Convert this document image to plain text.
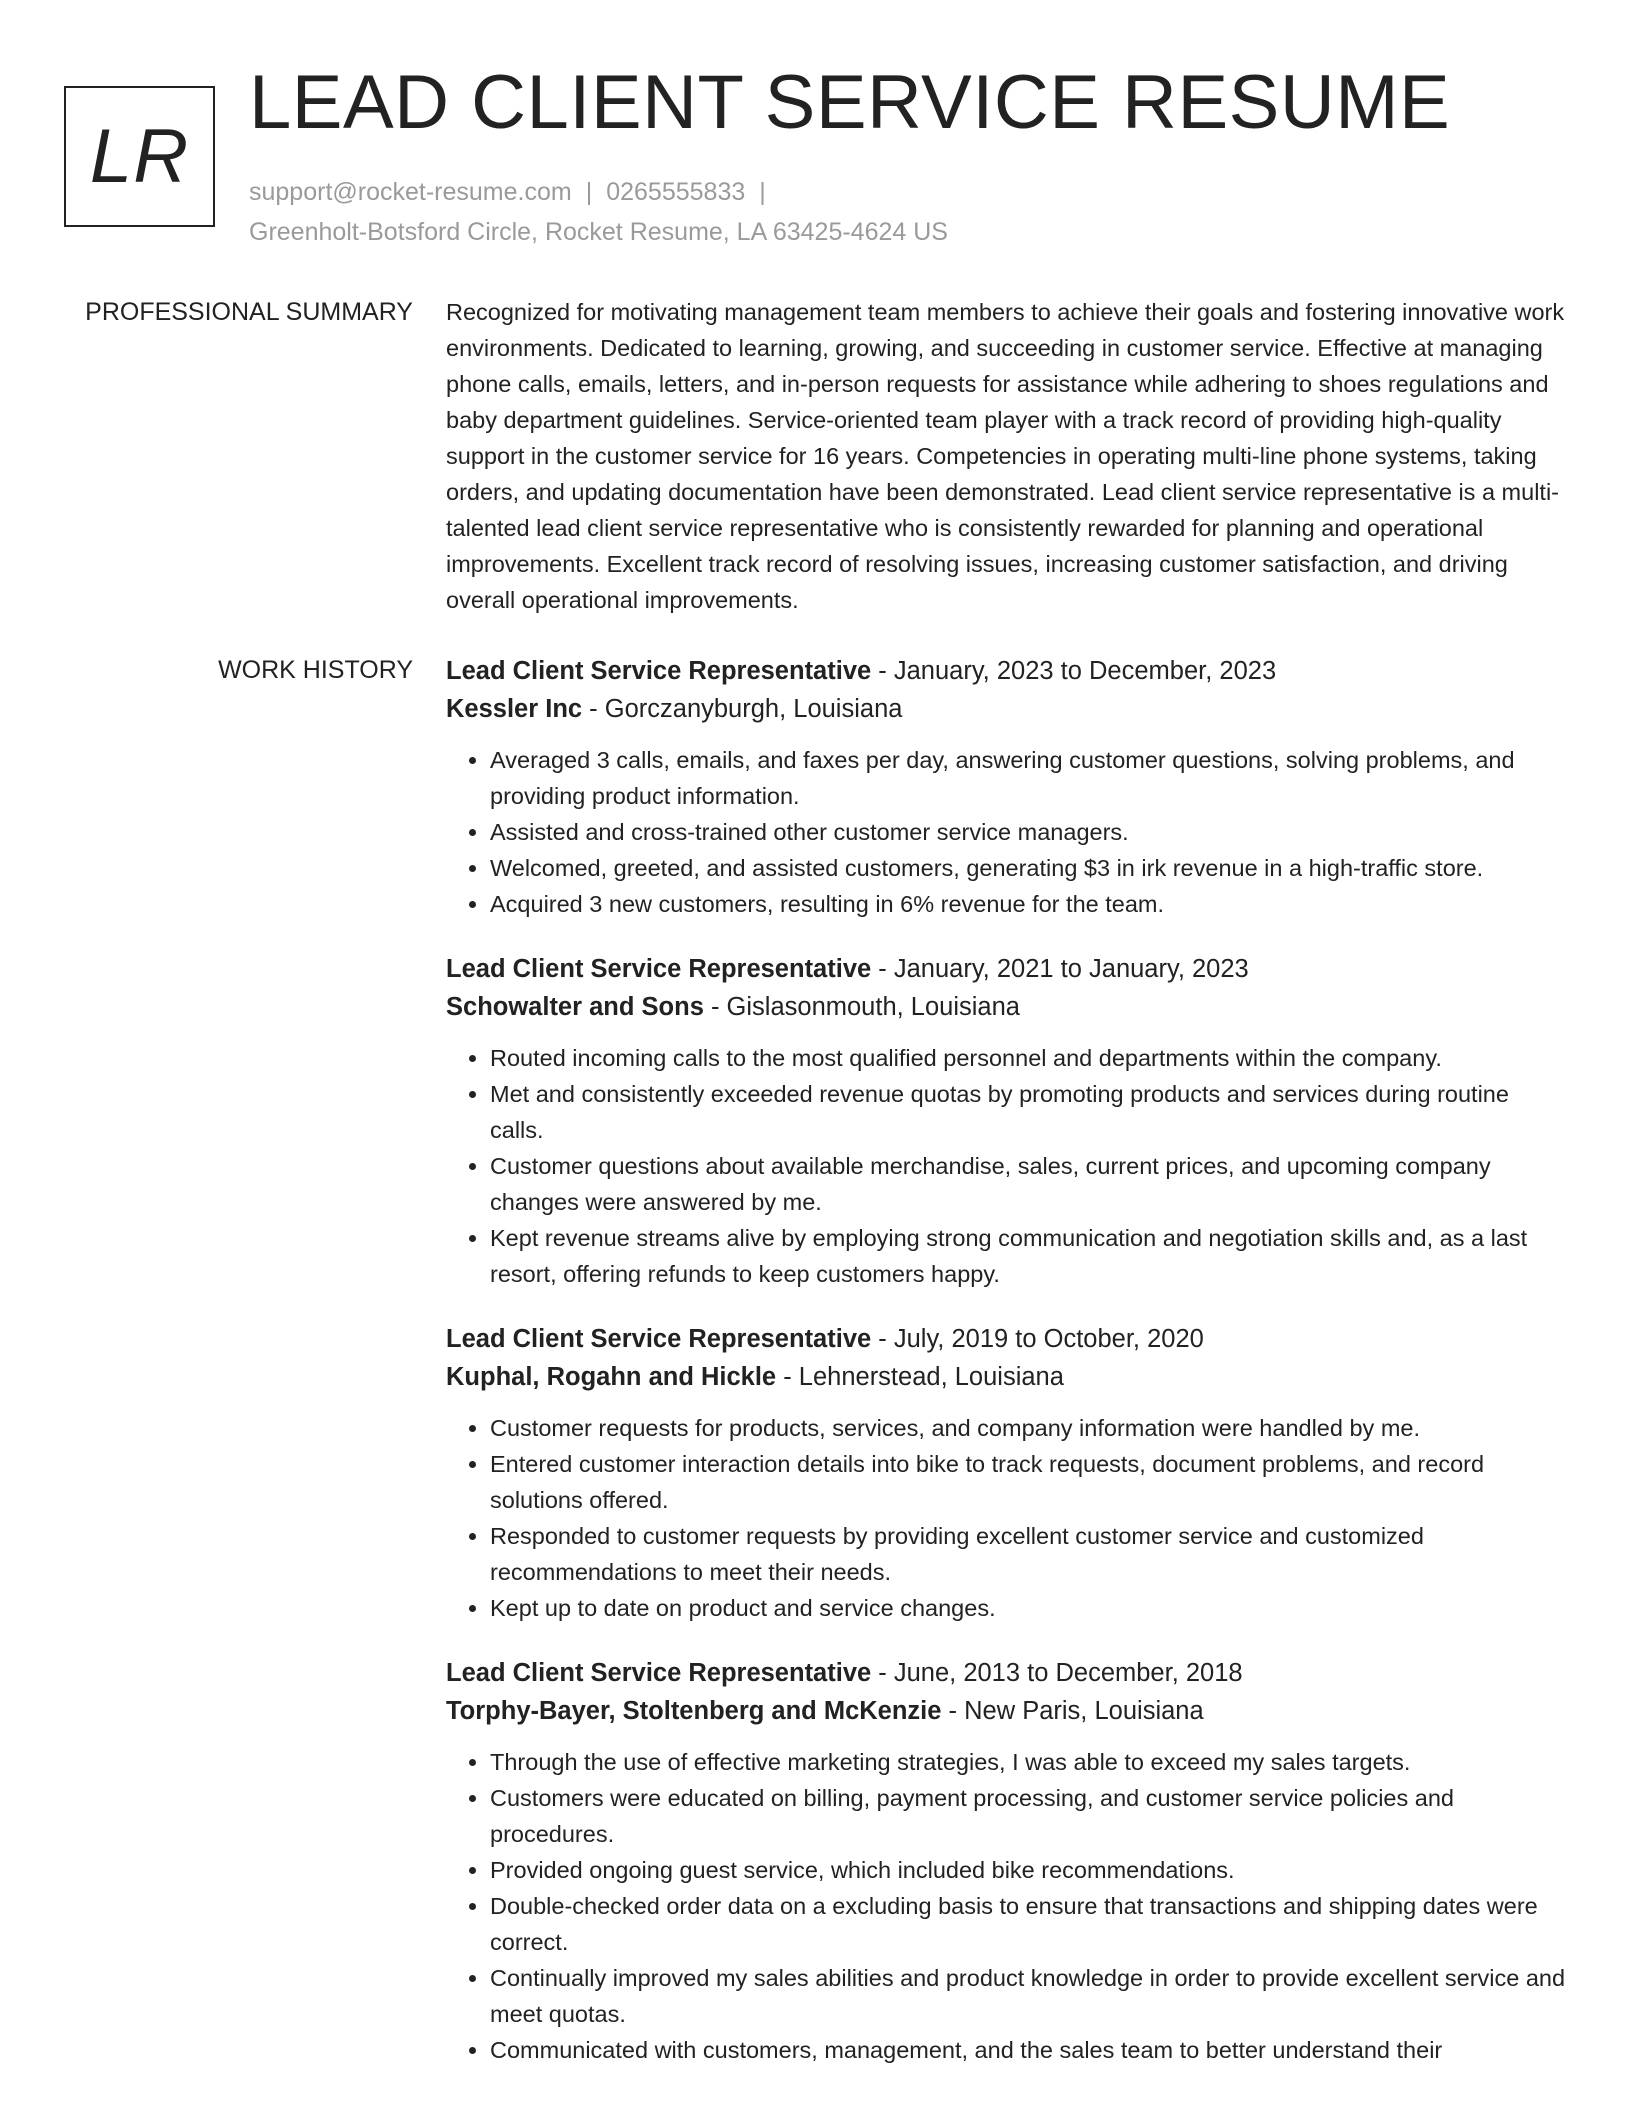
LR
LEAD CLIENT SERVICE RESUME
support@rocket-resume.com | 0265555833 |
Greenholt-Botsford Circle, Rocket Resume, LA 63425-4624 US
PROFESSIONAL SUMMARY Recognized for motivating management team members to achieve their goals and fostering innovative work environments. Dedicated to learning, growing, and succeeding in customer service. Effective at managing phone calls, emails, letters, and in-person requests for assistance while adhering to shoes regulations and baby department guidelines. Service-oriented team player with a track record of providing high-quality support in the customer service for 16 years. Competencies in operating multi-line phone systems, taking orders, and updating documentation have been demonstrated. Lead client service representative is a multi-talented lead client service representative who is consistently rewarded for planning and operational improvements. Excellent track record of resolving issues, increasing customer satisfaction, and driving overall operational improvements.

WORK HISTORY Lead Client Service Representative - January, 2023 to December, 2023
Kessler Inc - Gorczanyburgh, Louisiana
• Averaged 3 calls, emails, and faxes per day, answering customer questions, solving problems, and providing product information.
• Assisted and cross-trained other customer service managers.
• Welcomed, greeted, and assisted customers, generating $3 in irk revenue in a high-traffic store.
• Acquired 3 new customers, resulting in 6% revenue for the team.
Lead Client Service Representative - January, 2021 to January, 2023
Schowalter and Sons - Gislasonmouth, Louisiana
• Routed incoming calls to the most qualified personnel and departments within the company.
• Met and consistently exceeded revenue quotas by promoting products and services during routine calls.
• Customer questions about available merchandise, sales, current prices, and upcoming company changes were answered by me.
• Kept revenue streams alive by employing strong communication and negotiation skills and, as a last resort, offering refunds to keep customers happy.
Lead Client Service Representative - July, 2019 to October, 2020
Kuphal, Rogahn and Hickle - Lehnerstead, Louisiana
• Customer requests for products, services, and company information were handled by me.
• Entered customer interaction details into bike to track requests, document problems, and record solutions offered.
• Responded to customer requests by providing excellent customer service and customized recommendations to meet their needs.
• Kept up to date on product and service changes.
Lead Client Service Representative - June, 2013 to December, 2018
Torphy-Bayer, Stoltenberg and McKenzie - New Paris, Louisiana
• Through the use of effective marketing strategies, I was able to exceed my sales targets.
• Customers were educated on billing, payment processing, and customer service policies and procedures.
• Provided ongoing guest service, which included bike recommendations.
• Double-checked order data on a excluding basis to ensure that transactions and shipping dates were correct.
• Continually improved my sales abilities and product knowledge in order to provide excellent service and meet quotas.
• Communicated with customers, management, and the sales team to better understand their
